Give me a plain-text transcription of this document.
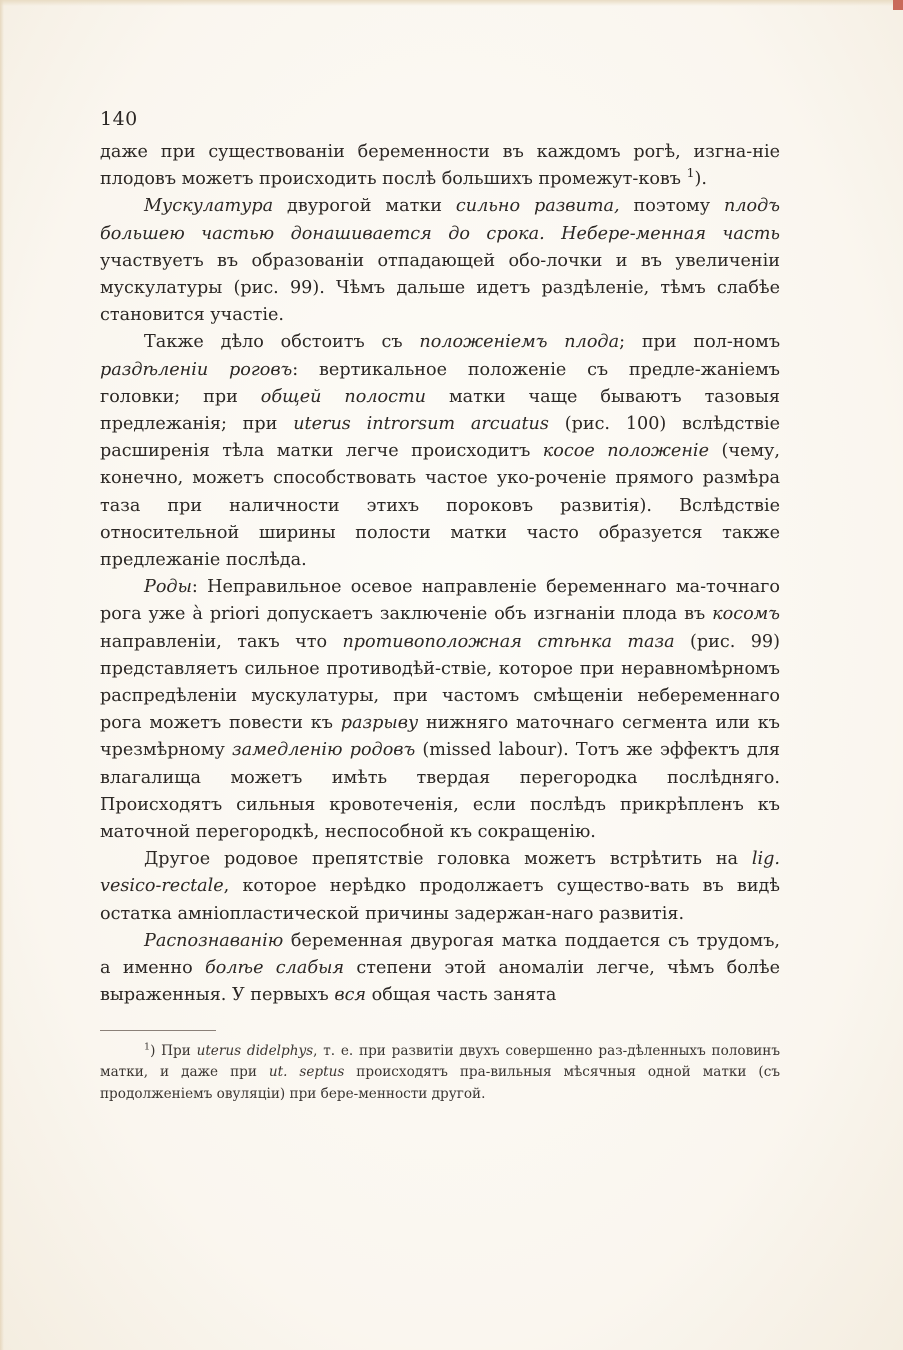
140

даже при существованiи беременности въ каждомъ рогѣ, изгна-ніе плодовъ можетъ происходить послѣ большихъ промежут-ковъ $^1$).

Мускулатура двурогой матки сильно развита, поэтому плодъ большею частью донашивается до срока. Небере-менная часть участвуетъ въ образованiи отпадающей обо-лочки и въ увеличенiи мускулатуры (рис. 99). Чѣмъ дальше идетъ раздѣленiе, тѣмъ слабѣе становится участiе.

Также дѣло обстоитъ съ положенiемъ плода; при пол-номъ раздѣленiи роговъ: вертикальное положенiе съ предле-жанiемъ головки; при общей полости матки чаще бываютъ тазовыя предлежанiя; при uterus introrsum arcuatus (рис. 100) вслѣдствiе расширенiя тѣла матки легче происходитъ косое положенiе (чему, конечно, можетъ способствовать частое уко-роченiе прямого размѣра таза при наличности этихъ пороковъ развитiя). Вслѣдствiе относительной ширины полости матки часто образуется также предлежанiе послѣда.

Роды: Неправильное осевое направленiе беременнаго ма-точнаго рога уже à priori допускаетъ заключенiе объ изгнанiи плода въ косомъ направленiи, такъ что противоположная стѣнка таза (рис. 99) представляетъ сильное противодѣй-ствiе, которое при неравномѣрномъ распредѣленiи мускулатуры, при частомъ смѣщенiи небеременнаго рога можетъ повести къ разрыву нижняго маточнаго сегмента или къ чрезмѣрному замедленiю родовъ (missed labour). Тотъ же эффектъ для влагалища можетъ имѣть твердая перегородка послѣдняго. Происходятъ сильныя кровотеченiя, если послѣдъ прикрѣпленъ къ маточной перегородкѣ, неспособной къ сокращенiю.

Другое родовое препятствiе головка можетъ встрѣтить на lig. vesico-rectale, которое нерѣдко продолжаетъ существо-вать въ видѣ остатка амнiопластической причины задержан-наго развитiя.

Распознаванiю беременная двурогая матка поддается съ трудомъ, а именно болѣе слабыя степени этой аномалiи легче, чѣмъ болѣе выраженныя. У первыхъ вся общая часть занята

$^1$) При uterus didelphys, т. е. при развитiи двухъ совершенно раз-дѣленныхъ половинъ матки, и даже при ut. septus происходятъ пра-вильныя мѣсячныя одной матки (съ продолженiемъ овуляцiи) при бере-менности другой.
